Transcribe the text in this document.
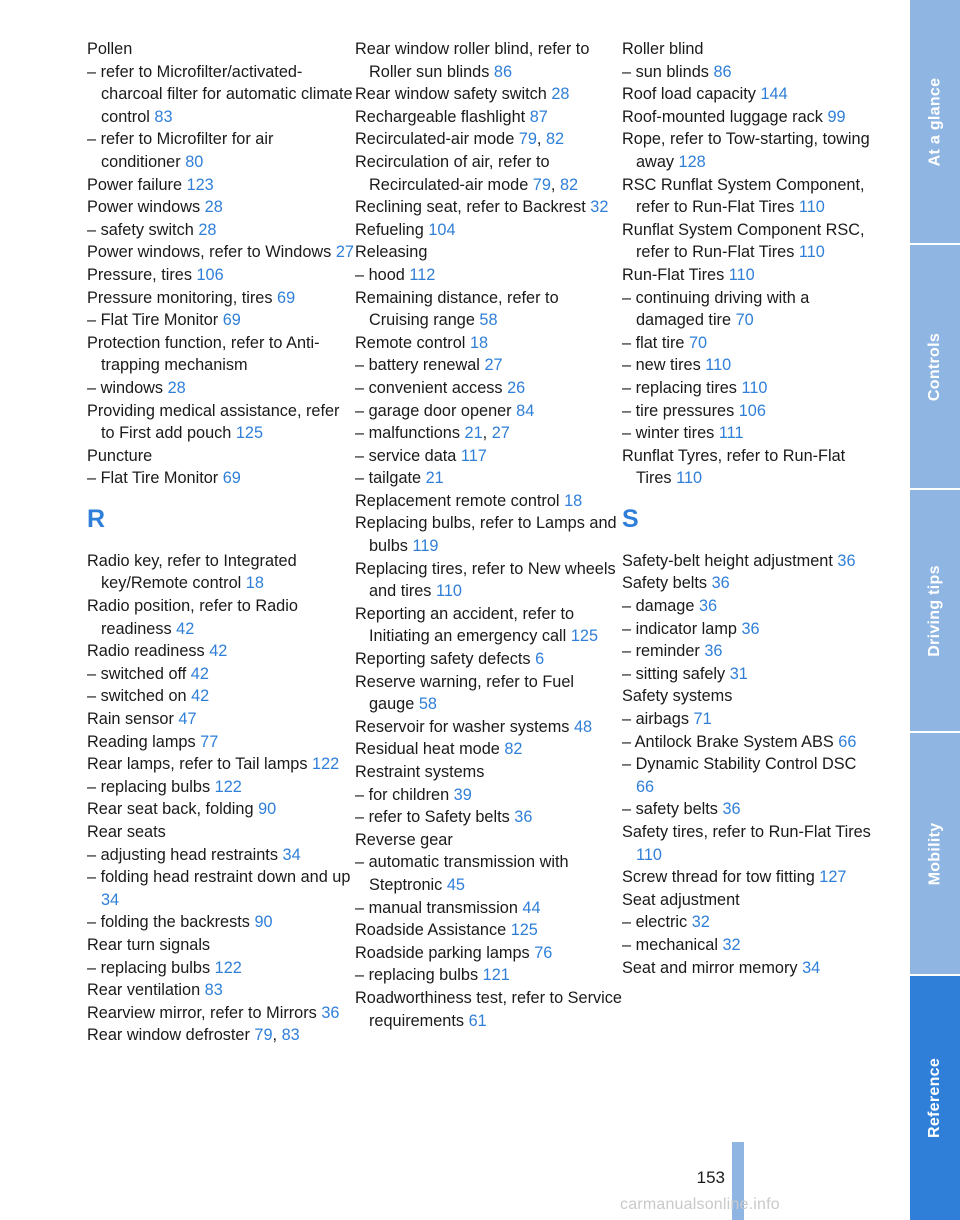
Pollen
– refer to Microfilter/activated-charcoal filter for automatic climate control 83
– refer to Microfilter for air conditioner 80
Power failure 123
Power windows 28
– safety switch 28
Power windows, refer to Windows 27
Pressure, tires 106
Pressure monitoring, tires 69
– Flat Tire Monitor 69
Protection function, refer to Anti-trapping mechanism
– windows 28
Providing medical assistance, refer to First add pouch 125
Puncture
– Flat Tire Monitor 69
R
Radio key, refer to Integrated key/Remote control 18
Radio position, refer to Radio readiness 42
Radio readiness 42
– switched off 42
– switched on 42
Rain sensor 47
Reading lamps 77
Rear lamps, refer to Tail lamps 122
– replacing bulbs 122
Rear seat back, folding 90
Rear seats
– adjusting head restraints 34
– folding head restraint down and up 34
– folding the backrests 90
Rear turn signals
– replacing bulbs 122
Rear ventilation 83
Rearview mirror, refer to Mirrors 36
Rear window defroster 79, 83
Rear window roller blind, refer to Roller sun blinds 86
Rear window safety switch 28
Rechargeable flashlight 87
Recirculated-air mode 79, 82
Recirculation of air, refer to Recirculated-air mode 79, 82
Reclining seat, refer to Backrest 32
Refueling 104
Releasing
– hood 112
Remaining distance, refer to Cruising range 58
Remote control 18
– battery renewal 27
– convenient access 26
– garage door opener 84
– malfunctions 21, 27
– service data 117
– tailgate 21
Replacement remote control 18
Replacing bulbs, refer to Lamps and bulbs 119
Replacing tires, refer to New wheels and tires 110
Reporting an accident, refer to Initiating an emergency call 125
Reporting safety defects 6
Reserve warning, refer to Fuel gauge 58
Reservoir for washer systems 48
Residual heat mode 82
Restraint systems
– for children 39
– refer to Safety belts 36
Reverse gear
– automatic transmission with Steptronic 45
– manual transmission 44
Roadside Assistance 125
Roadside parking lamps 76
– replacing bulbs 121
Roadworthiness test, refer to Service requirements 61
Roller blind
– sun blinds 86
Roof load capacity 144
Roof-mounted luggage rack 99
Rope, refer to Tow-starting, towing away 128
RSC Runflat System Component, refer to Run-Flat Tires 110
Runflat System Component RSC, refer to Run-Flat Tires 110
Run-Flat Tires 110
– continuing driving with a damaged tire 70
– flat tire 70
– new tires 110
– replacing tires 110
– tire pressures 106
– winter tires 111
Runflat Tyres, refer to Run-Flat Tires 110
S
Safety-belt height adjustment 36
Safety belts 36
– damage 36
– indicator lamp 36
– reminder 36
– sitting safely 31
Safety systems
– airbags 71
– Antilock Brake System ABS 66
– Dynamic Stability Control DSC 66
– safety belts 36
Safety tires, refer to Run-Flat Tires 110
Screw thread for tow fitting 127
Seat adjustment
– electric 32
– mechanical 32
Seat and mirror memory 34
At a glance
Controls
Driving tips
Mobility
Reference
153
carmanualsonline.info
